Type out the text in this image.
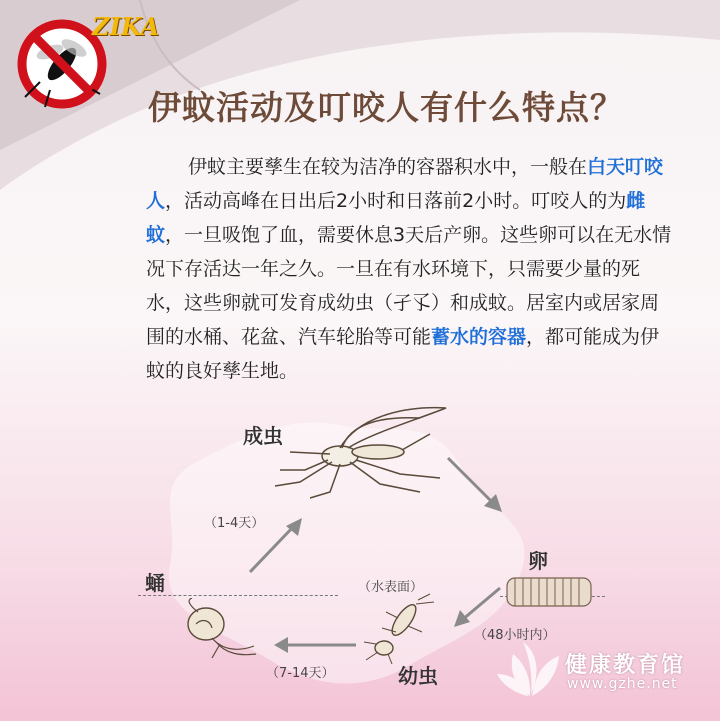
ZIKA
伊蚊活动及叮咬人有什么特点？
伊蚊主要孳生在较为洁净的容器积水中，一般在白天叮咬人，活动高峰在日出后2小时和日落前2小时。叮咬人的为雌蚊，一旦吸饱了血，需要休息3天后产卵。这些卵可以在无水情况下存活达一年之久。一旦在有水环境下，只需要少量的死水，这些卵就可发育成幼虫（孑孓）和成蚊。居室内或居家周围的水桶、花盆、汽车轮胎等可能蓄水的容器，都可能成为伊蚊的良好孳生地。
成虫
卵
幼虫
蛹
（1-4天）
（48小时内）
（7-14天）
（水表面）
健康教育馆
www.gzhe.net
